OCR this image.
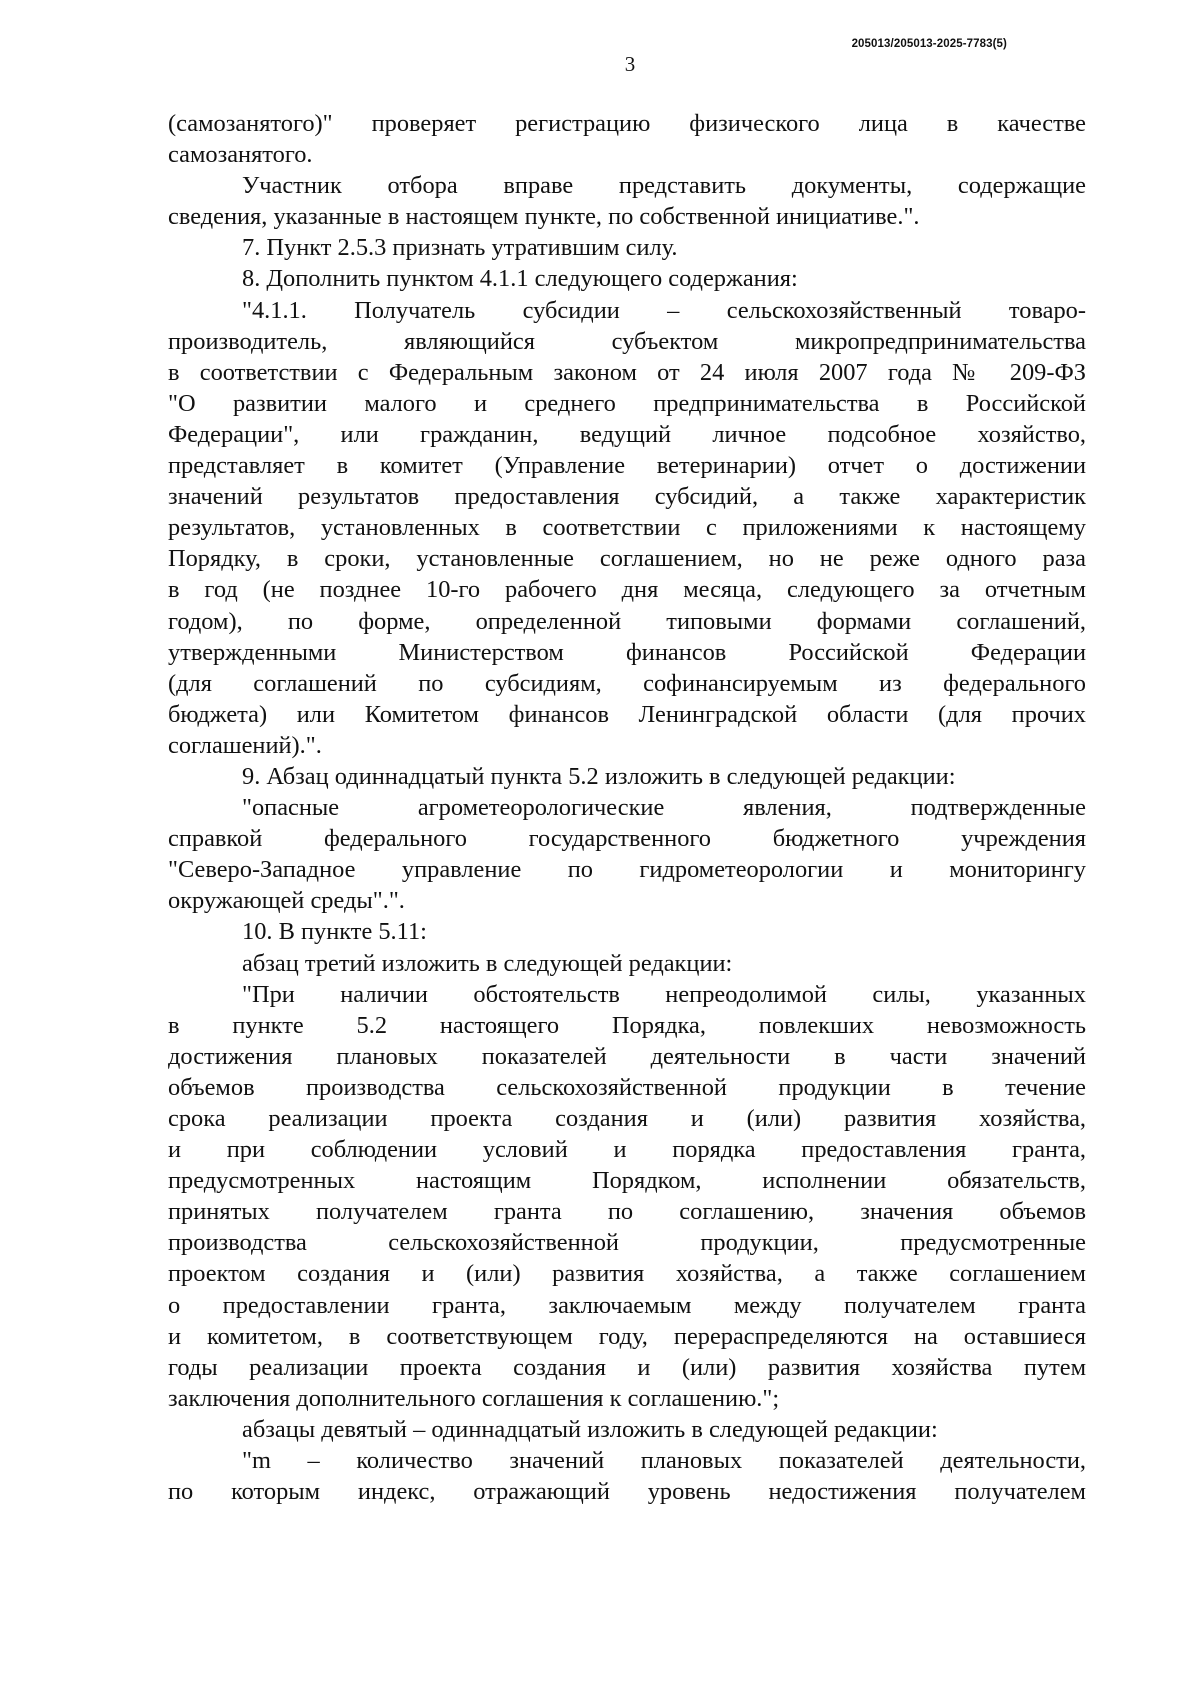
205013/205013-2025-7783(5)
3

(самозанятого)" проверяет регистрацию физического лица в качестве
самозанятого.

Участник отбора вправе представить документы, содержащие
сведения, указанные в настоящем пункте, по собственной инициативе.".

7. Пункт 2.5.3 признать утратившим силу.

8. Дополнить пунктом 4.1.1 следующего содержания:

"4.1.1. Получатель субсидии – сельскохозяйственный товаро-
производитель, являющийся субъектом микропредпринимательства
в соответствии с Федеральным законом от 24 июля 2007 года № 209-ФЗ
"О развитии малого и среднего предпринимательства в Российской
Федерации", или гражданин, ведущий личное подсобное хозяйство,
представляет в комитет (Управление ветеринарии) отчет о достижении
значений результатов предоставления субсидий, а также характеристик
результатов, установленных в соответствии с приложениями к настоящему
Порядку, в сроки, установленные соглашением, но не реже одного раза
в год (не позднее 10-го рабочего дня месяца, следующего за отчетным
годом), по форме, определенной типовыми формами соглашений,
утвержденными Министерством финансов Российской Федерации
(для соглашений по субсидиям, софинансируемым из федерального
бюджета) или Комитетом финансов Ленинградской области (для прочих
соглашений).".

9. Абзац одиннадцатый пункта 5.2 изложить в следующей редакции:

"опасные агрометеорологические явления, подтвержденные
справкой федерального государственного бюджетного учреждения
"Северо-Западное управление по гидрометеорологии и мониторингу
окружающей среды".".

10. В пункте 5.11:

абзац третий изложить в следующей редакции:

"При наличии обстоятельств непреодолимой силы, указанных
в пункте 5.2 настоящего Порядка, повлекших невозможность
достижения плановых показателей деятельности в части значений
объемов производства сельскохозяйственной продукции в течение
срока реализации проекта создания и (или) развития хозяйства,
и при соблюдении условий и порядка предоставления гранта,
предусмотренных настоящим Порядком, исполнении обязательств,
принятых получателем гранта по соглашению, значения объемов
производства сельскохозяйственной продукции, предусмотренные
проектом создания и (или) развития хозяйства, а также соглашением
о предоставлении гранта, заключаемым между получателем гранта
и комитетом, в соответствующем году, перераспределяются на оставшиеся
годы реализации проекта создания и (или) развития хозяйства путем
заключения дополнительного соглашения к соглашению.";

абзацы девятый – одиннадцатый изложить в следующей редакции:

"m – количество значений плановых показателей деятельности,
по которым индекс, отражающий уровень недостижения получателем
